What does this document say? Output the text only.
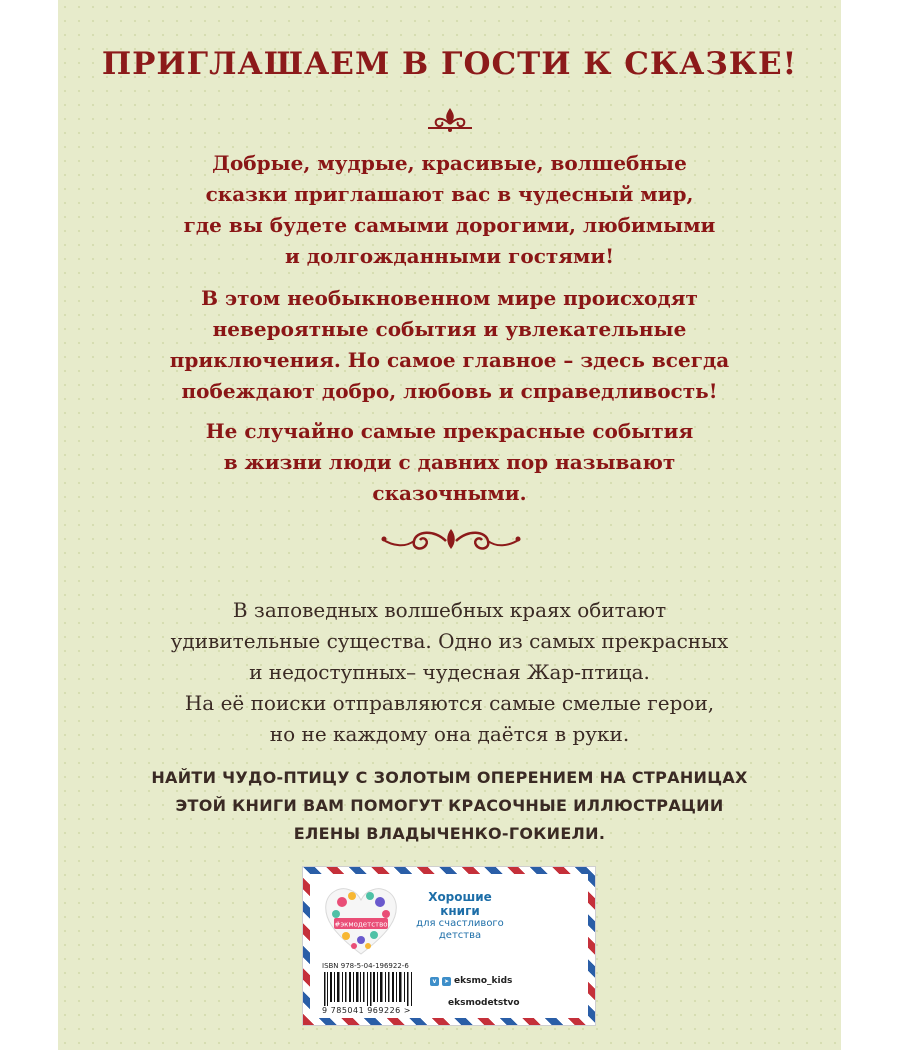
ПРИГЛАШАЕМ В ГОСТИ К СКАЗКЕ!
Добрые, мудрые, красивые, волшебные
сказки приглашают вас в чудесный мир,
где вы будете самыми дорогими, любимыми
и долгожданными гостями!
В этом необыкновенном мире происходят
невероятные события и увлекательные
приключения. Но самое главное – здесь всегда
побеждают добро, любовь и справедливость!
Не случайно самые прекрасные события
в жизни люди с давних пор называют
сказочными.
В заповедных волшебных краях обитают
удивительные существа. Одно из самых прекрасных
и недоступных– чудесная Жар-птица.
На её поиски отправляются самые смелые герои,
но не каждому она даётся в руки.
НАЙТИ ЧУДО-ПТИЦУ С ЗОЛОТЫМ ОПЕРЕНИЕМ НА СТРАНИЦАХ
ЭТОЙ КНИГИ ВАМ ПОМОГУТ КРАСОЧНЫЕ ИЛЛЮСТРАЦИИ
ЕЛЕНЫ ВЛАДЫЧЕНКО-ГОКИЕЛИ.
#экмодетство
Хорошие
книги
для счастливого
детства
ISBN 978-5-04-196922-6
9 785041 969226 >
v	➤ eksmo_kids
eksmodetstvo
